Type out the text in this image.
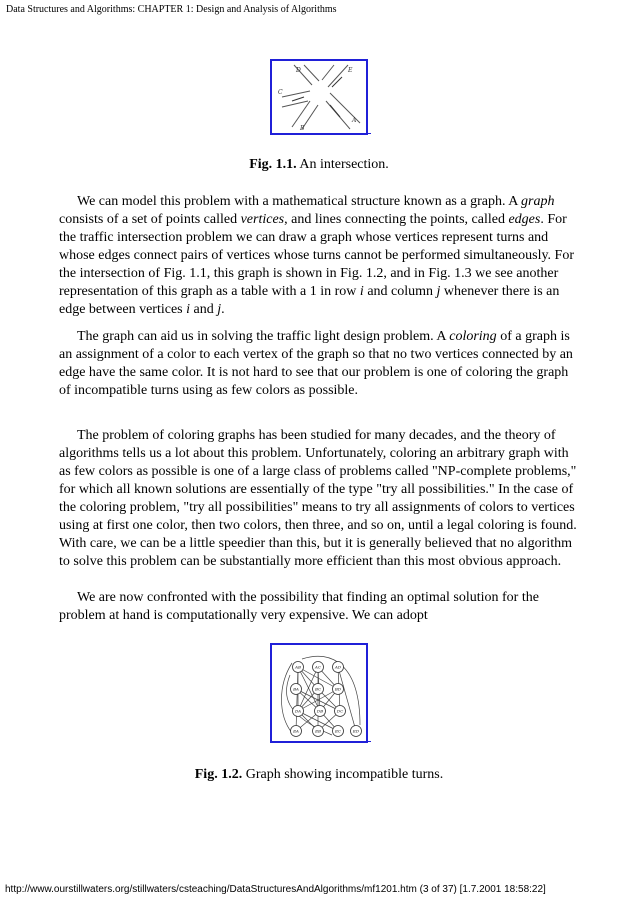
Data Structures and Algorithms: CHAPTER 1: Design and Analysis of Algorithms
A
B
C
D	E
Fig. 1.1. An intersection.

We can model this problem with a mathematical structure known as a graph. A graph consists of a set of points called vertices, and lines connecting the points, called edges. For the traffic intersection problem we can draw a graph whose vertices represent turns and whose edges connect pairs of vertices whose turns cannot be performed simultaneously. For the intersection of Fig. 1.1, this graph is shown in Fig. 1.2, and in Fig. 1.3 we see another representation of this graph as a table with a 1 in row i and column j whenever there is an edge between vertices i and j.

The graph can aid us in solving the traffic light design problem. A coloring of a graph is an assignment of a color to each vertex of the graph so that no two vertices connected by an edge have the same color. It is not hard to see that our problem is one of coloring the graph of incompatible turns using as few colors as possible.

The problem of coloring graphs has been studied for many decades, and the theory of algorithms tells us a lot about this problem. Unfortunately, coloring an arbitrary graph with as few colors as possible is one of a large class of problems called "NP-complete problems," for which all known solutions are essentially of the type "try all possibilities." In the case of the coloring problem, "try all possibilities" means to try all assignments of colors to vertices using at first one color, then two colors, then three, and so on, until a legal coloring is found. With care, we can be a little speedier than this, but it is generally believed that no algorithm to solve this problem can be substantially more efficient than this most obvious approach.

We are now confronted with the possibility that finding an optimal solution for the problem at hand is computationally very expensive. We can adopt

AB	AC	AD
BA	BC	BD
DA	DB	DC
EA	EB	EC	ED
Fig. 1.2. Graph showing incompatible turns.
http://www.ourstillwaters.org/stillwaters/csteaching/DataStructuresAndAlgorithms/mf1201.htm (3 of 37) [1.7.2001 18:58:22]
